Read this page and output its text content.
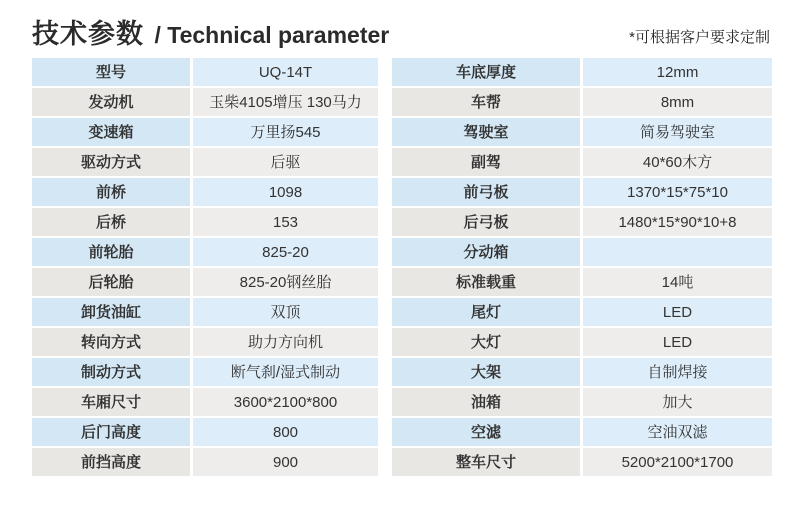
技术参数 / Technical parameter	*可根据客户要求定制
型号	UQ-14T
发动机	玉柴4105增压 130马力
变速箱	万里扬545
驱动方式	后驱
前桥	1098
后桥	153
前轮胎	825-20
后轮胎	825-20钢丝胎
卸货油缸	双顶
转向方式	助力方向机
制动方式	断气刹/湿式制动
车厢尺寸	3600*2100*800
后门高度	800
前挡高度	900
车底厚度	12mm
车帮	8mm
驾驶室	简易驾驶室
副驾	40*60木方
前弓板	1370*15*75*10
后弓板	1480*15*90*10+8
分动箱
标准载重	14吨
尾灯	LED
大灯	LED
大架	自制焊接
油箱	加大
空滤	空油双滤
整车尺寸	5200*2100*1700
